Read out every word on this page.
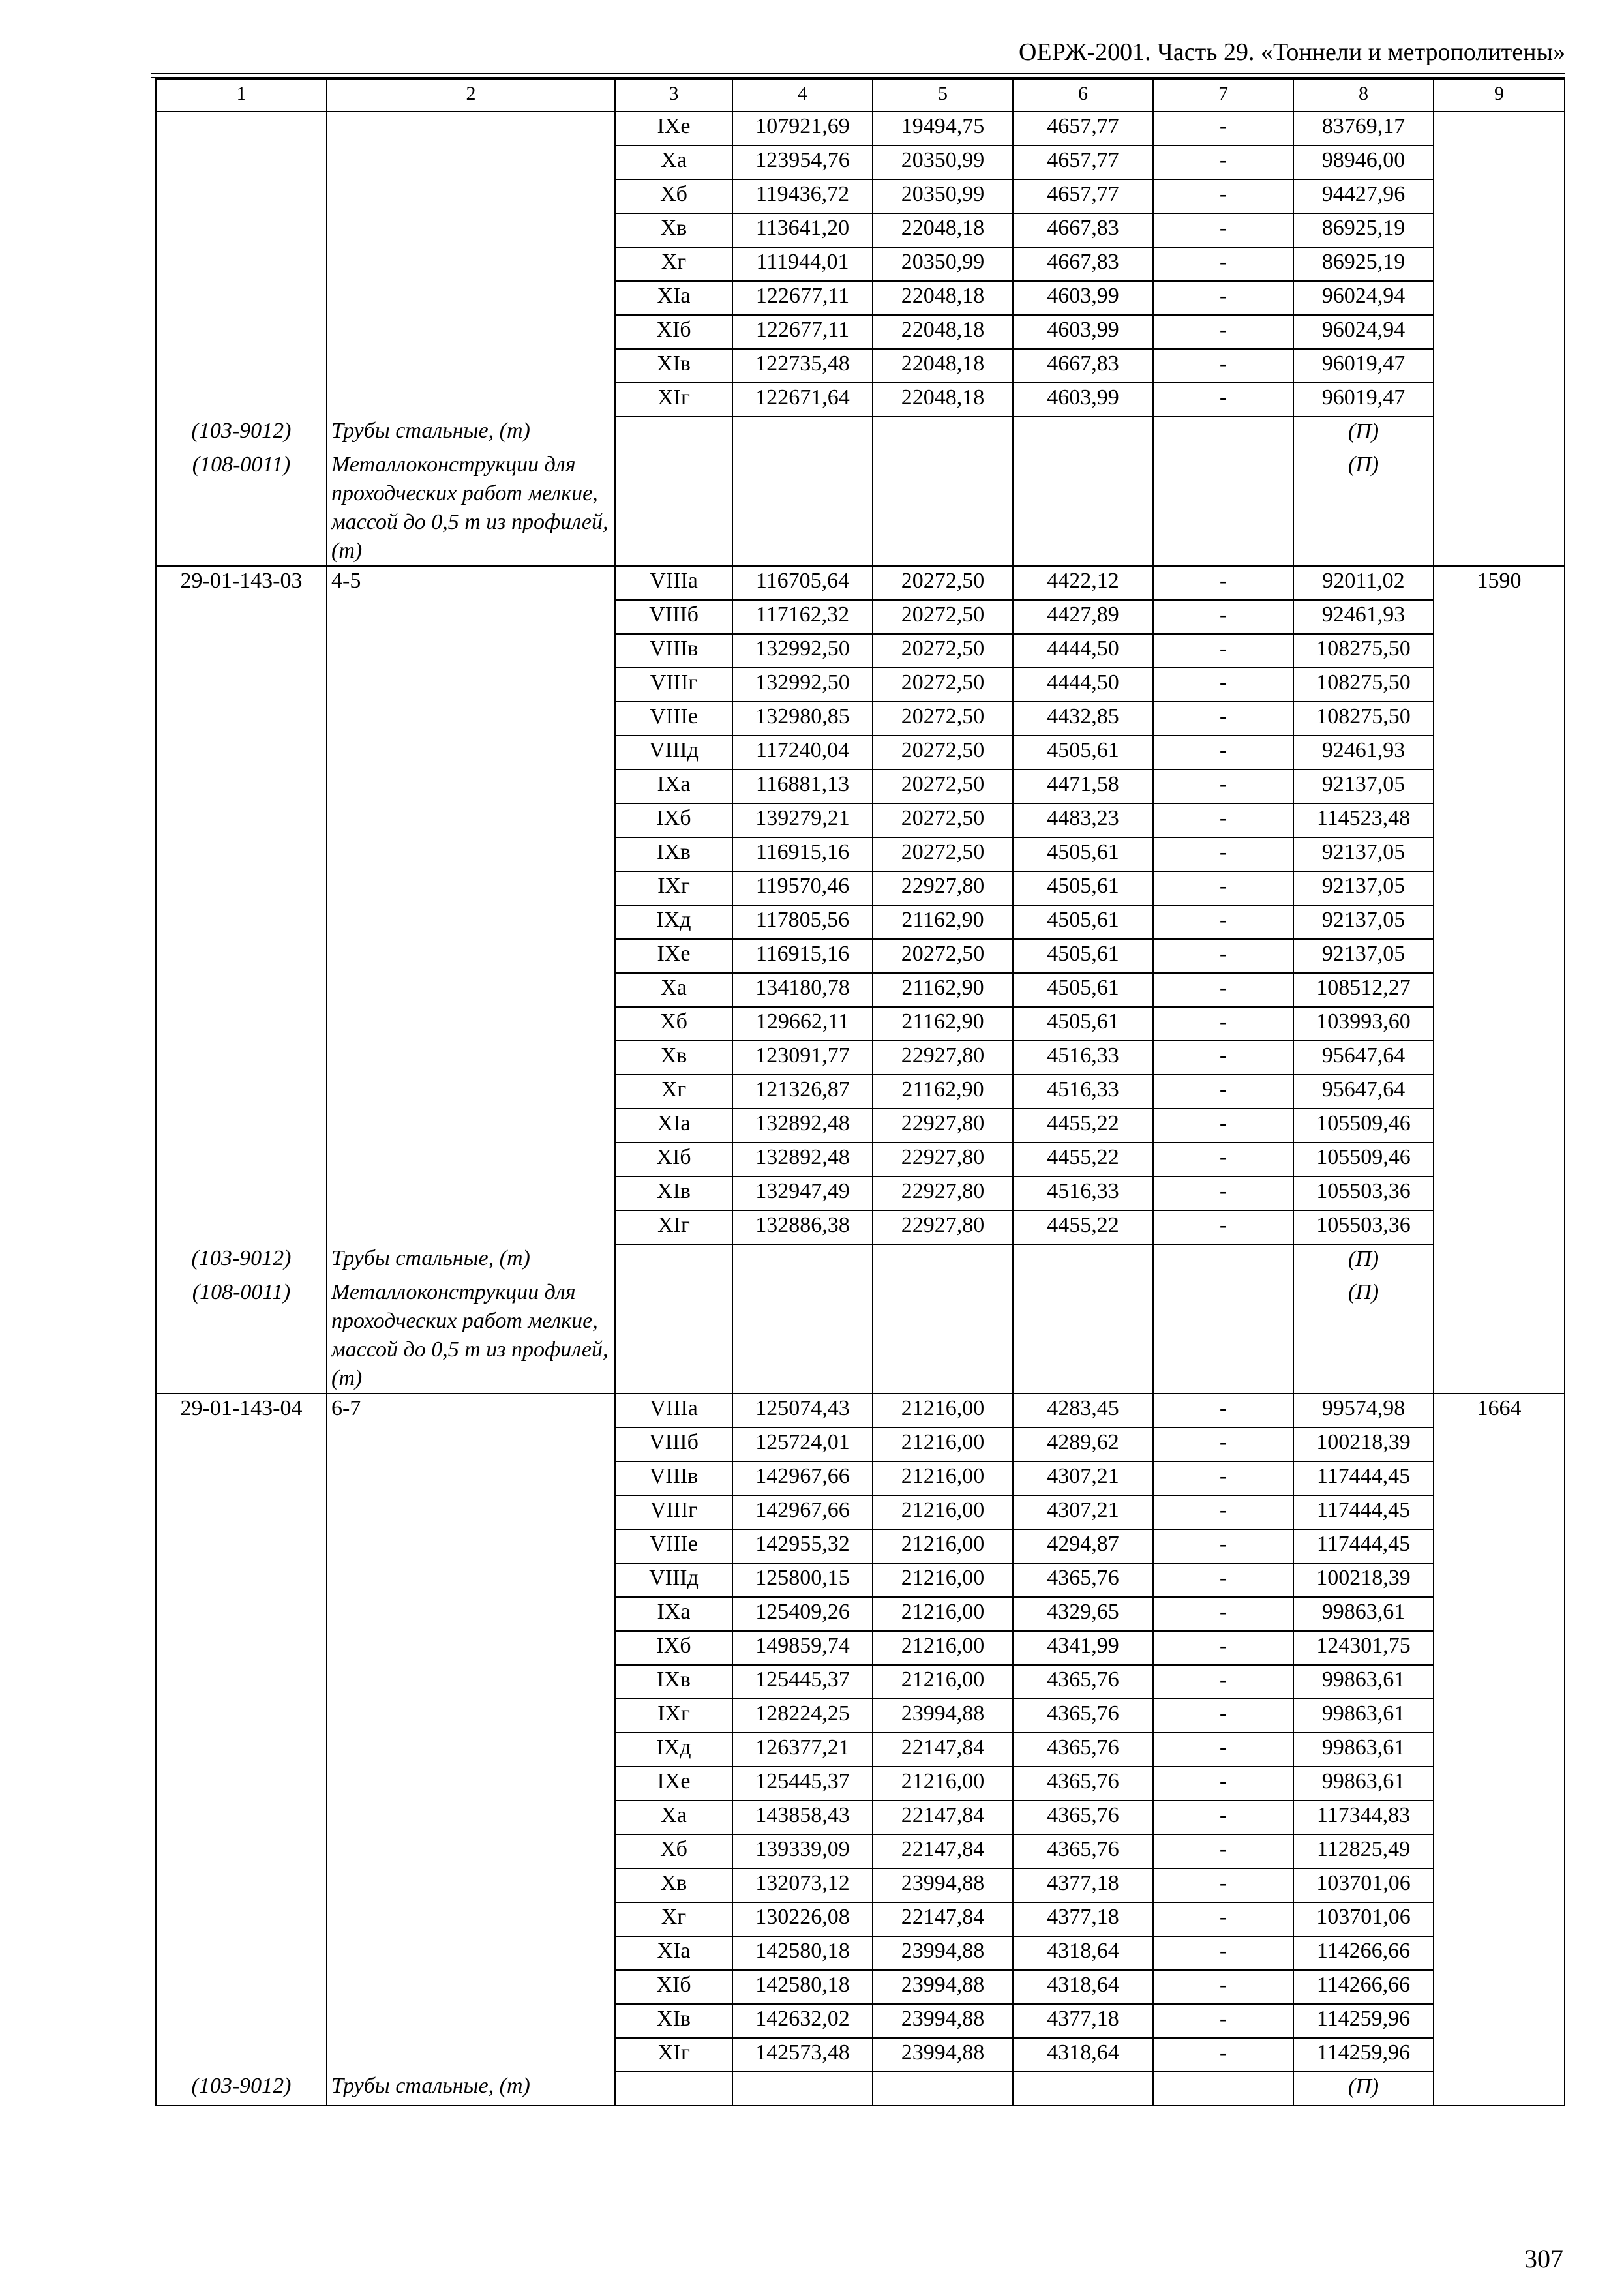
ОЕРЖ-2001. Часть 29. «Тоннели и метрополитены»
1	2	3	4	5	6	7	8	9
		IXе	107921,69	19494,75	4657,77	-	83769,17	
		Xа	123954,76	20350,99	4657,77	-	98946,00	
		Xб	119436,72	20350,99	4657,77	-	94427,96	
		Xв	113641,20	22048,18	4667,83	-	86925,19	
		Xг	111944,01	20350,99	4667,83	-	86925,19	
		XIа	122677,11	22048,18	4603,99	-	96024,94	
		XIб	122677,11	22048,18	4603,99	-	96024,94	
		XIв	122735,48	22048,18	4667,83	-	96019,47	
		XIг	122671,64	22048,18	4603,99	-	96019,47	
(103-9012)	Трубы стальные, (т)						(П)	
(108-0011)	Металлоконструкции для проходческих работ мелкие, массой до 0,5 т из профилей, (т)						(П)	
29-01-143-03	4-5	VIIIа	116705,64	20272,50	4422,12	-	92011,02	1590
		VIIIб	117162,32	20272,50	4427,89	-	92461,93	
		VIIIв	132992,50	20272,50	4444,50	-	108275,50	
		VIIIг	132992,50	20272,50	4444,50	-	108275,50	
		VIIIе	132980,85	20272,50	4432,85	-	108275,50	
		VIIIд	117240,04	20272,50	4505,61	-	92461,93	
		IXа	116881,13	20272,50	4471,58	-	92137,05	
		IXб	139279,21	20272,50	4483,23	-	114523,48	
		IXв	116915,16	20272,50	4505,61	-	92137,05	
		IXг	119570,46	22927,80	4505,61	-	92137,05	
		IXд	117805,56	21162,90	4505,61	-	92137,05	
		IXе	116915,16	20272,50	4505,61	-	92137,05	
		Xа	134180,78	21162,90	4505,61	-	108512,27	
		Xб	129662,11	21162,90	4505,61	-	103993,60	
		Xв	123091,77	22927,80	4516,33	-	95647,64	
		Xг	121326,87	21162,90	4516,33	-	95647,64	
		XIа	132892,48	22927,80	4455,22	-	105509,46	
		XIб	132892,48	22927,80	4455,22	-	105509,46	
		XIв	132947,49	22927,80	4516,33	-	105503,36	
		XIг	132886,38	22927,80	4455,22	-	105503,36	
(103-9012)	Трубы стальные, (т)						(П)	
(108-0011)	Металлоконструкции для проходческих работ мелкие, массой до 0,5 т из профилей, (т)						(П)	
29-01-143-04	6-7	VIIIа	125074,43	21216,00	4283,45	-	99574,98	1664
		VIIIб	125724,01	21216,00	4289,62	-	100218,39	
		VIIIв	142967,66	21216,00	4307,21	-	117444,45	
		VIIIг	142967,66	21216,00	4307,21	-	117444,45	
		VIIIе	142955,32	21216,00	4294,87	-	117444,45	
		VIIIд	125800,15	21216,00	4365,76	-	100218,39	
		IXа	125409,26	21216,00	4329,65	-	99863,61	
		IXб	149859,74	21216,00	4341,99	-	124301,75	
		IXв	125445,37	21216,00	4365,76	-	99863,61	
		IXг	128224,25	23994,88	4365,76	-	99863,61	
		IXд	126377,21	22147,84	4365,76	-	99863,61	
		IXе	125445,37	21216,00	4365,76	-	99863,61	
		Xа	143858,43	22147,84	4365,76	-	117344,83	
		Xб	139339,09	22147,84	4365,76	-	112825,49	
		Xв	132073,12	23994,88	4377,18	-	103701,06	
		Xг	130226,08	22147,84	4377,18	-	103701,06	
		XIа	142580,18	23994,88	4318,64	-	114266,66	
		XIб	142580,18	23994,88	4318,64	-	114266,66	
		XIв	142632,02	23994,88	4377,18	-	114259,96	
		XIг	142573,48	23994,88	4318,64	-	114259,96	
(103-9012)	Трубы стальные, (т)						(П)	
307
